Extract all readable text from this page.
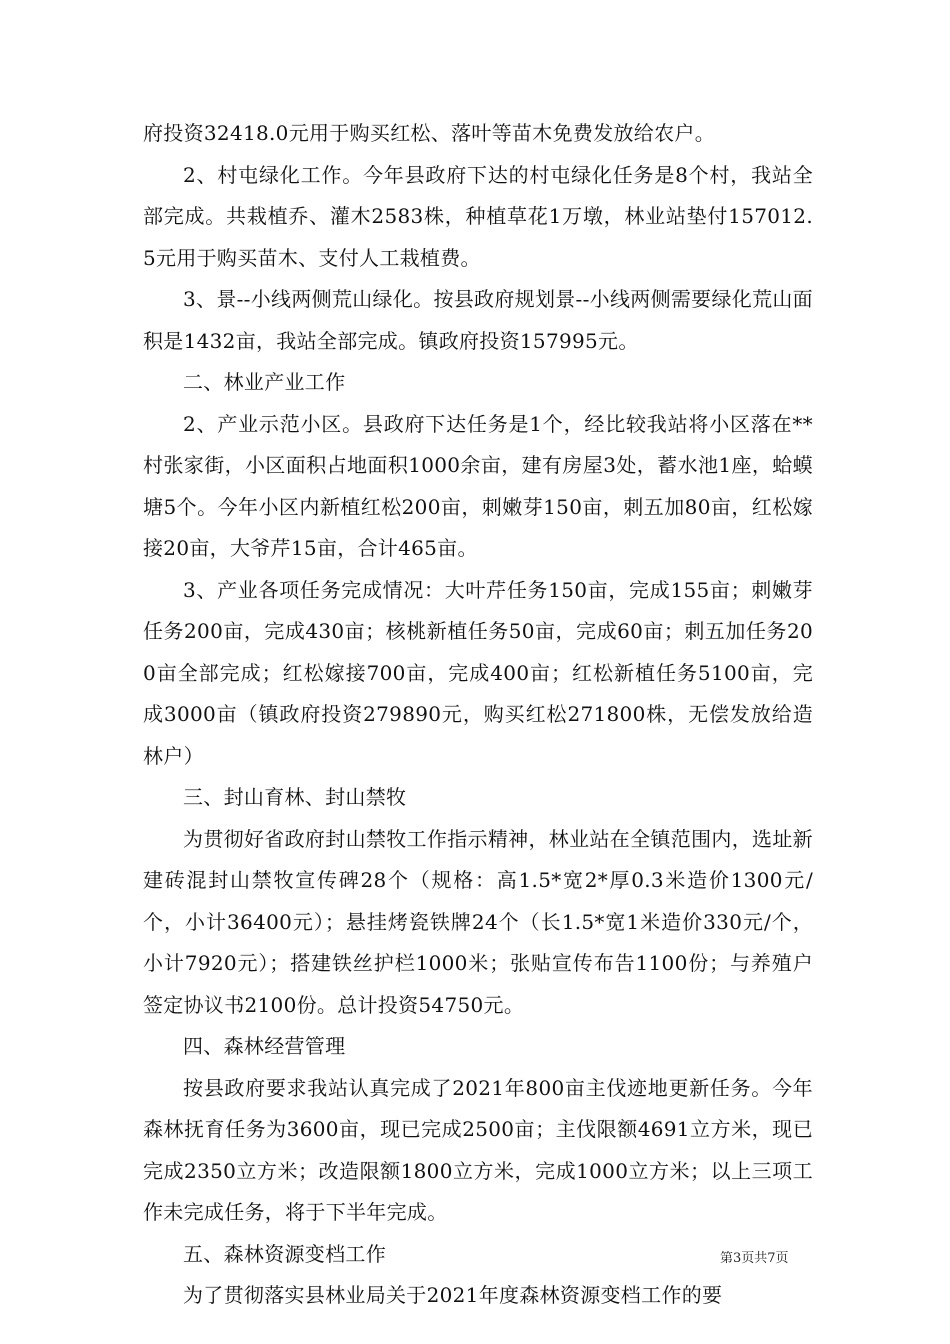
府投资32418.0元用于购买红松、落叶等苗木免费发放给农户。

2、村屯绿化工作。今年县政府下达的村屯绿化任务是8个村，我站全部完成。共栽植乔、灌木2583株，种植草花1万墩，林业站垫付157012.5元用于购买苗木、支付人工栽植费。

3、景--小线两侧荒山绿化。按县政府规划景--小线两侧需要绿化荒山面积是1432亩，我站全部完成。镇政府投资157995元。

二、林业产业工作

2、产业示范小区。县政府下达任务是1个，经比较我站将小区落在**村张家街，小区面积占地面积1000余亩，建有房屋3处，蓄水池1座，蛤蟆塘5个。今年小区内新植红松200亩，刺嫩芽150亩，刺五加80亩，红松嫁接20亩，大爷芹15亩，合计465亩。

3、产业各项任务完成情况：大叶芹任务150亩，完成155亩；刺嫩芽任务200亩，完成430亩；核桃新植任务50亩，完成60亩；刺五加任务200亩全部完成；红松嫁接700亩，完成400亩；红松新植任务5100亩，完成3000亩（镇政府投资279890元，购买红松271800株，无偿发放给造林户）

三、封山育林、封山禁牧

为贯彻好省政府封山禁牧工作指示精神，林业站在全镇范围内，选址新建砖混封山禁牧宣传碑28个（规格：高1.5*宽2*厚0.3米造价1300元/个，小计36400元）；悬挂烤瓷铁牌24个（长1.5*宽1米造价330元/个，小计7920元）；搭建铁丝护栏1000米；张贴宣传布告1100份；与养殖户签定协议书2100份。总计投资54750元。

四、森林经营管理

按县政府要求我站认真完成了2021年800亩主伐迹地更新任务。今年森林抚育任务为3600亩，现已完成2500亩；主伐限额4691立方米，现已完成2350立方米；改造限额1800立方米，完成1000立方米；以上三项工作未完成任务，将于下半年完成。

五、森林资源变档工作

为了贯彻落实县林业局关于2021年度森林资源变档工作的要

第3页共7页
